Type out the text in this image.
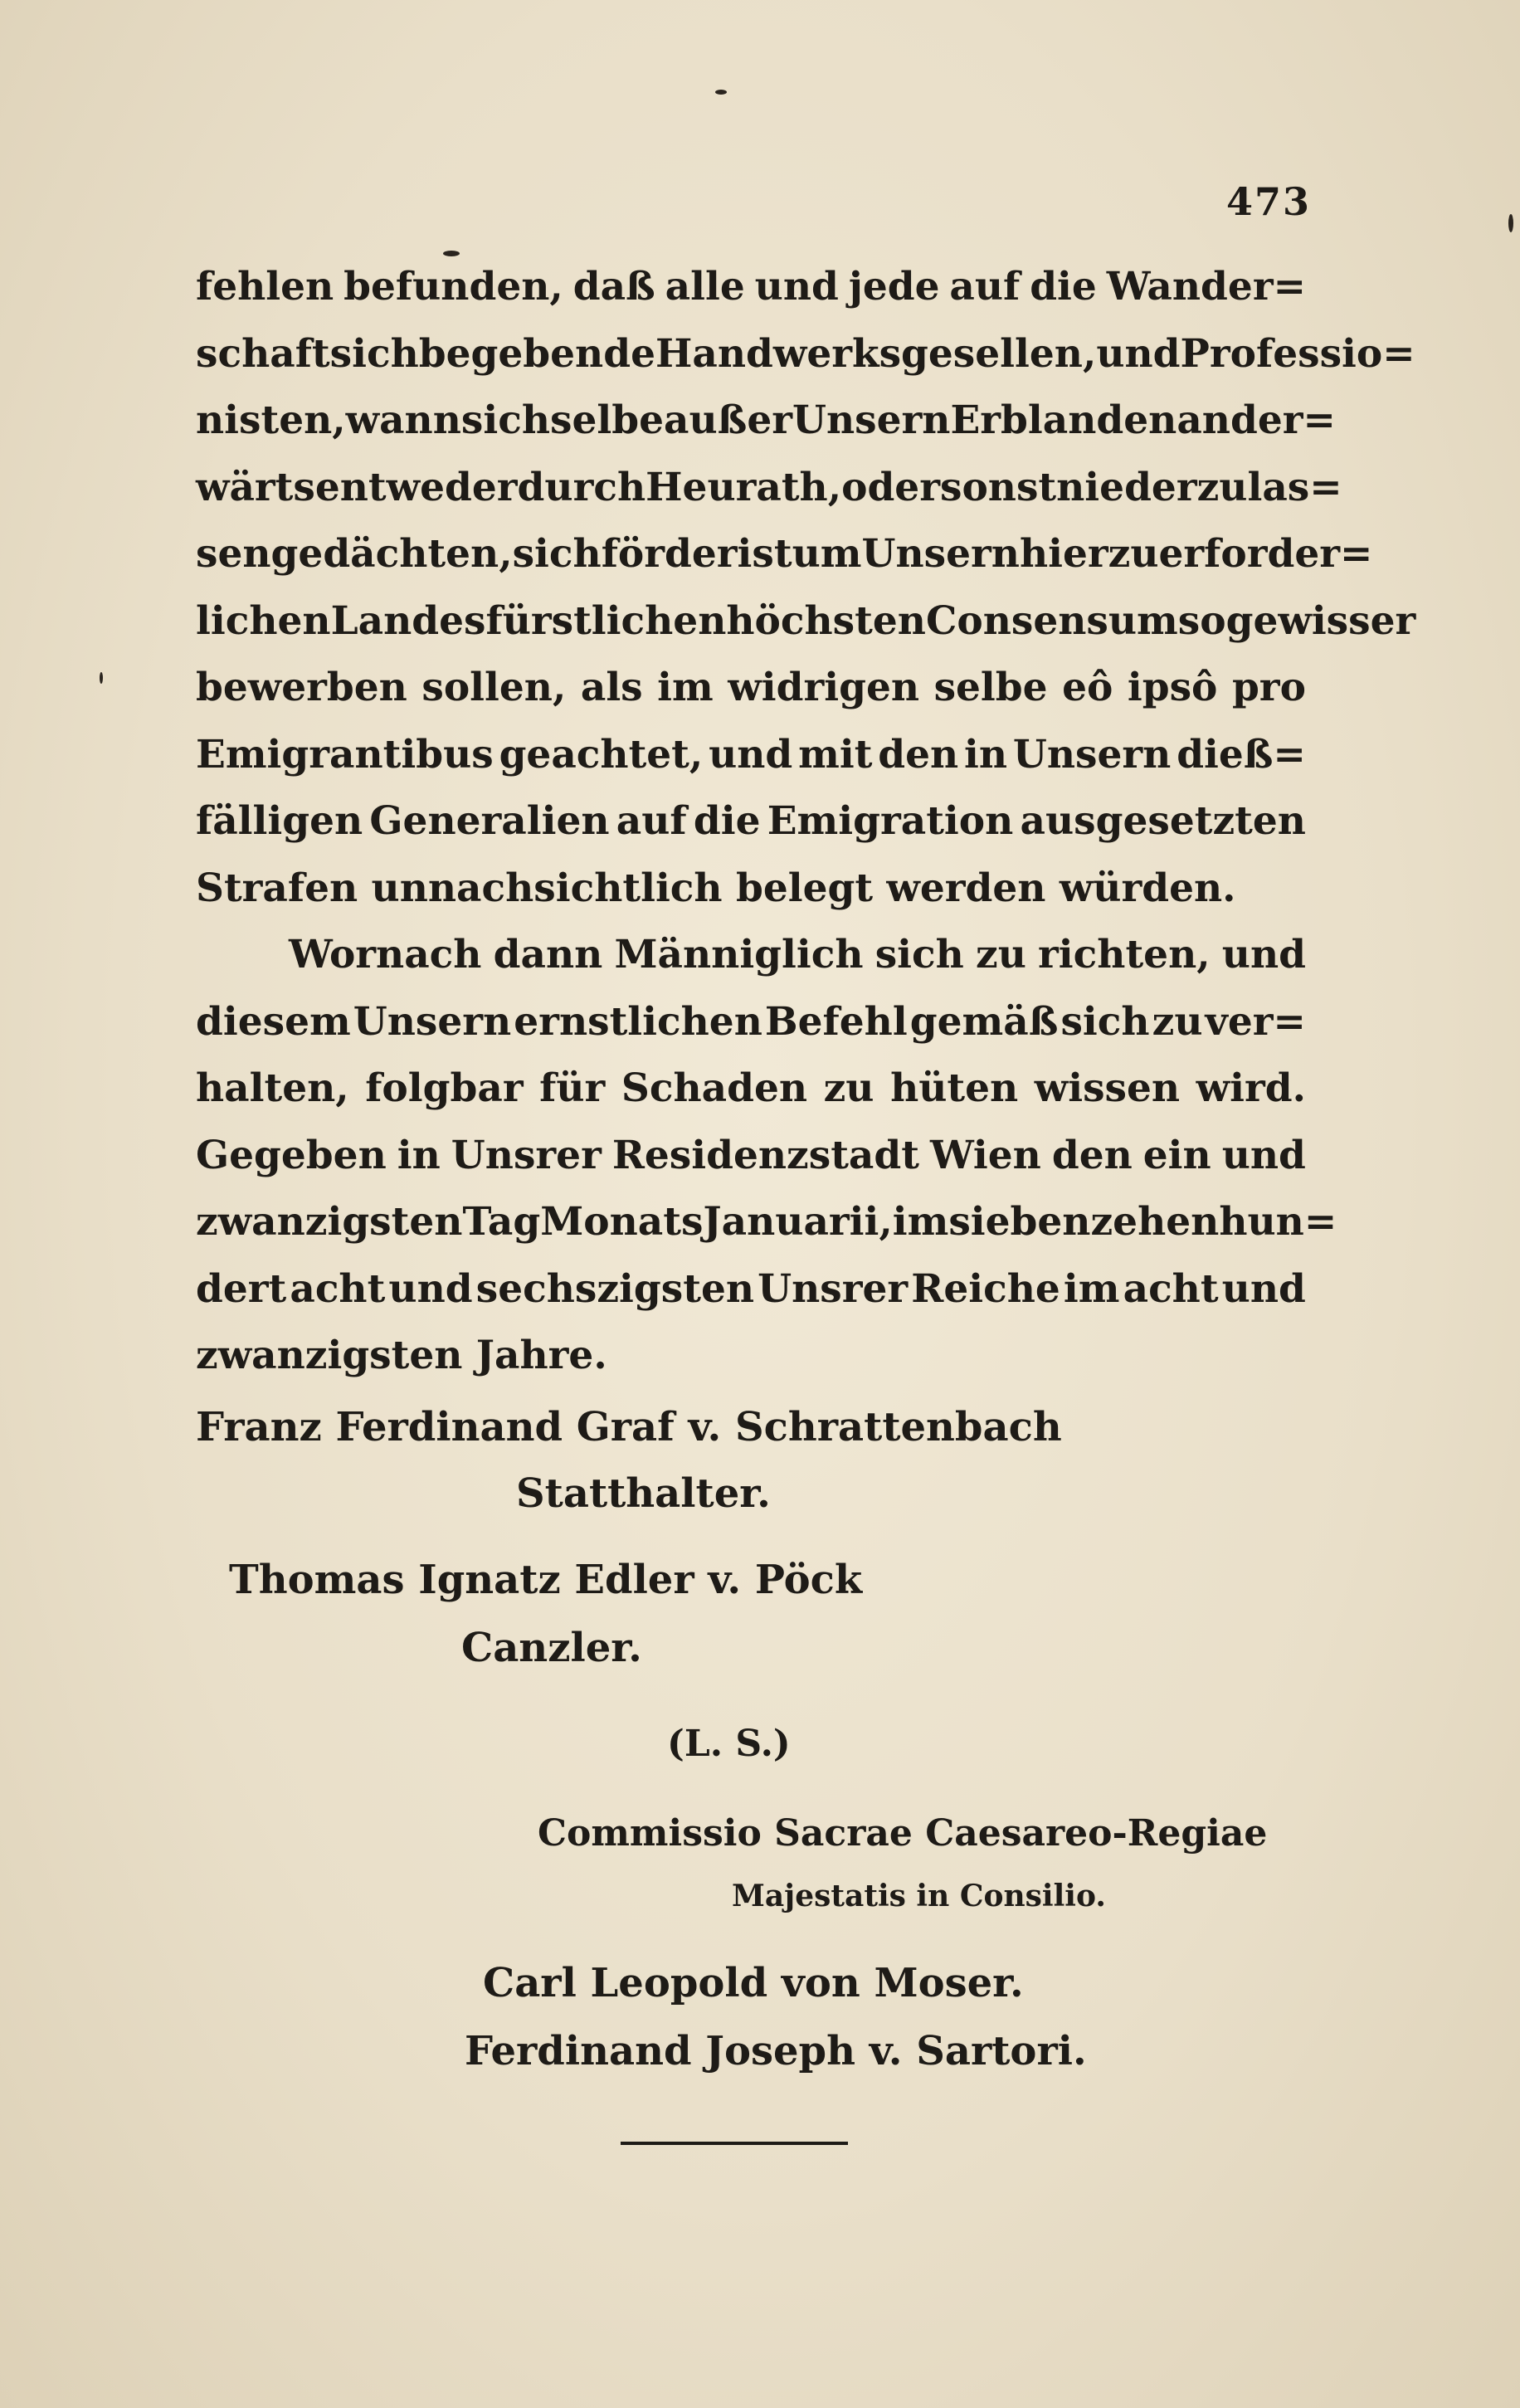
473
fehlen befunden, daß alle und jede auf die Wander=
schaft sich begebende Handwerksgesellen, und Professio=
nisten, wann sich selbe außer Unsern Erblanden ander=
wärts entweder durch Heurath, oder sonst niederzulas=
sen gedächten, sich förderist um Unsern hierzu erforder=
lichen Landesfürstlichen höchsten Consens um so gewisser
bewerben sollen, als im widrigen selbe eô ipsô pro
Emigrantibus geachtet, und mit den in Unsern dieß=
fälligen Generalien auf die Emigration ausgesetzten
Strafen unnachsichtlich belegt werden würden.
Wornach dann Männiglich sich zu richten, und
diesem Unsern ernstlichen Befehl gemäß sich zu ver=
halten, folgbar für Schaden zu hüten wissen wird.
Gegeben in Unsrer Residenzstadt Wien den ein und
zwanzigsten Tag Monats Januarii, im siebenzehenhun=
dert acht und sechszigsten Unsrer Reiche im acht und
zwanzigsten Jahre.
Franz Ferdinand Graf v. Schrattenbach
Statthalter.
Thomas Ignatz Edler v. Pöck
Canzler.
(L. S.)
Commissio Sacrae Caesareo-Regiae
Majestatis in Consilio.
Carl Leopold von Moser.
Ferdinand Joseph v. Sartori.
